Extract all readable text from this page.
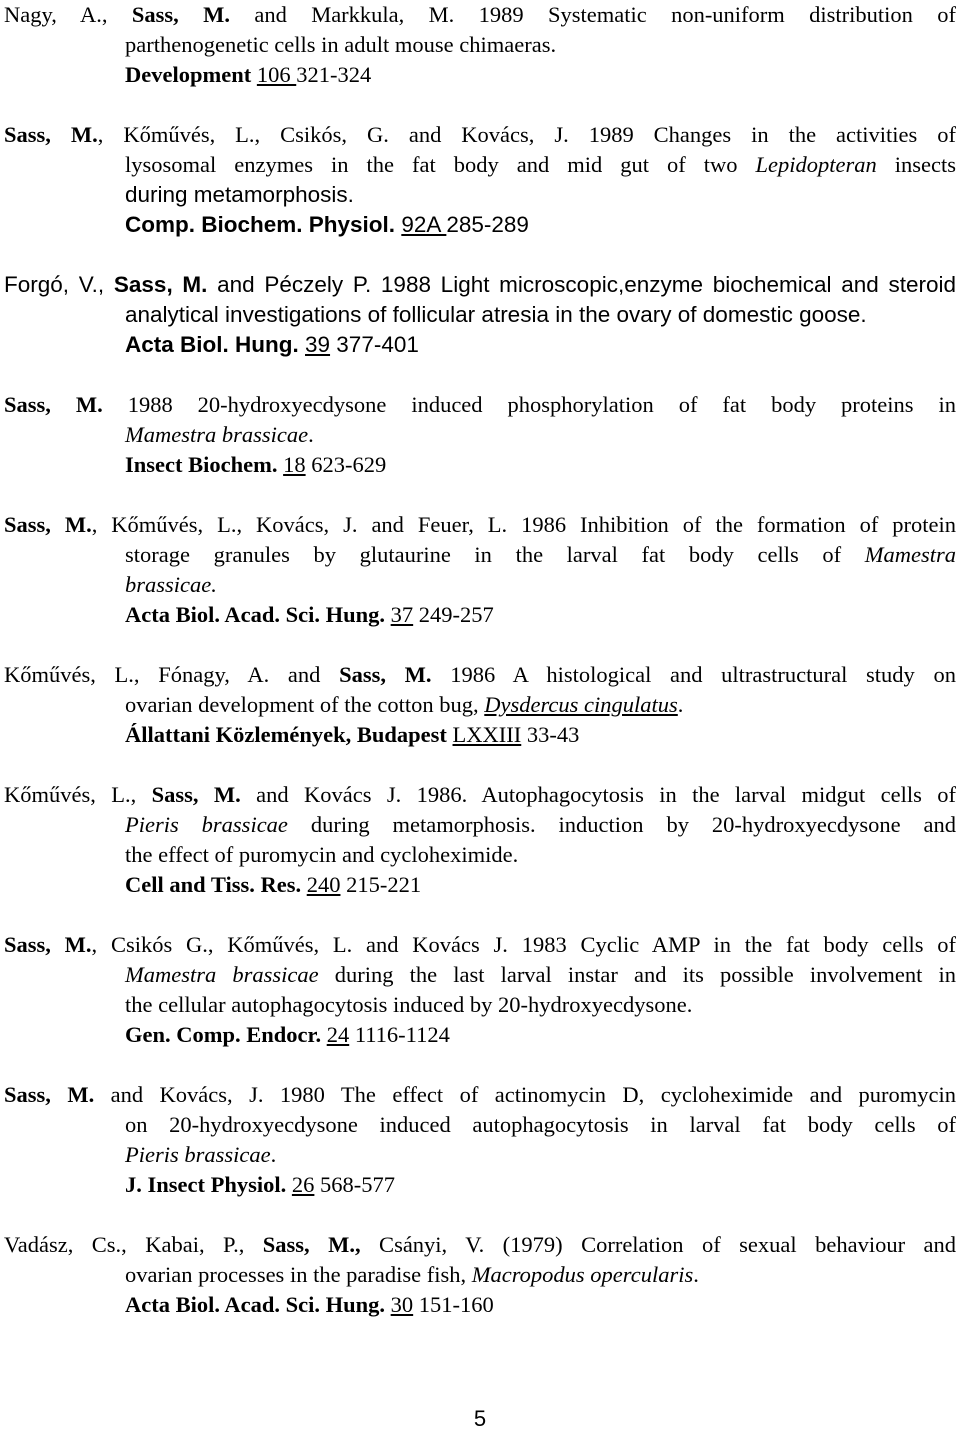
Nagy, A., Sass, M. and Markkula, M. 1989 Systematic non-uniform distribution of
parthenogenetic cells in adult mouse chimaeras.
Development 106 321-324
Sass, M., Kőművés, L., Csikós, G. and Kovács, J. 1989 Changes in the activities of
lysosomal enzymes in the fat body and mid gut of two Lepidopteran insects
during metamorphosis.
Comp. Biochem. Physiol. 92A 285-289
Forgó, V., Sass, M. and Péczely P. 1988 Light microscopic,enzyme biochemical and steroid
analytical investigations of follicular atresia in the ovary of domestic goose.
Acta Biol. Hung. 39 377-401
Sass, M. 1988 20-hydroxyecdysone induced phosphorylation of fat body proteins in
Mamestra brassicae.
Insect Biochem. 18 623-629
Sass, M., Kőművés, L., Kovács, J. and Feuer, L. 1986 Inhibition of the formation of protein
storage granules by glutaurine in the larval fat body cells of Mamestra
brassicae.
Acta Biol. Acad. Sci. Hung. 37 249-257
Kőművés, L., Fónagy, A. and Sass, M. 1986 A histological and ultrastructural study on
ovarian development of the cotton bug, Dysdercus cingulatus.
Állattani Közlemények, Budapest LXXIII 33-43
Kőművés, L., Sass, M. and Kovács J. 1986. Autophagocytosis in the larval midgut cells of
Pieris brassicae during metamorphosis. induction by 20-hydroxyecdysone and
the effect of puromycin and cycloheximide.
Cell and Tiss. Res. 240 215-221
Sass, M., Csikós G., Kőművés, L. and Kovács J. 1983 Cyclic AMP in the fat body cells of
Mamestra brassicae during the last larval instar and its possible involvement in
the cellular autophagocytosis induced by 20-hydroxyecdysone.
Gen. Comp. Endocr. 24 1116-1124
Sass, M. and Kovács, J. 1980 The effect of actinomycin D, cycloheximide and puromycin
on 20-hydroxyecdysone induced autophagocytosis in larval fat body cells of
Pieris brassicae.
J. Insect Physiol. 26 568-577
Vadász, Cs., Kabai, P., Sass, M., Csányi, V. (1979) Correlation of sexual behaviour and
ovarian processes in the paradise fish, Macropodus opercularis.
Acta Biol. Acad. Sci. Hung. 30 151-160
5
